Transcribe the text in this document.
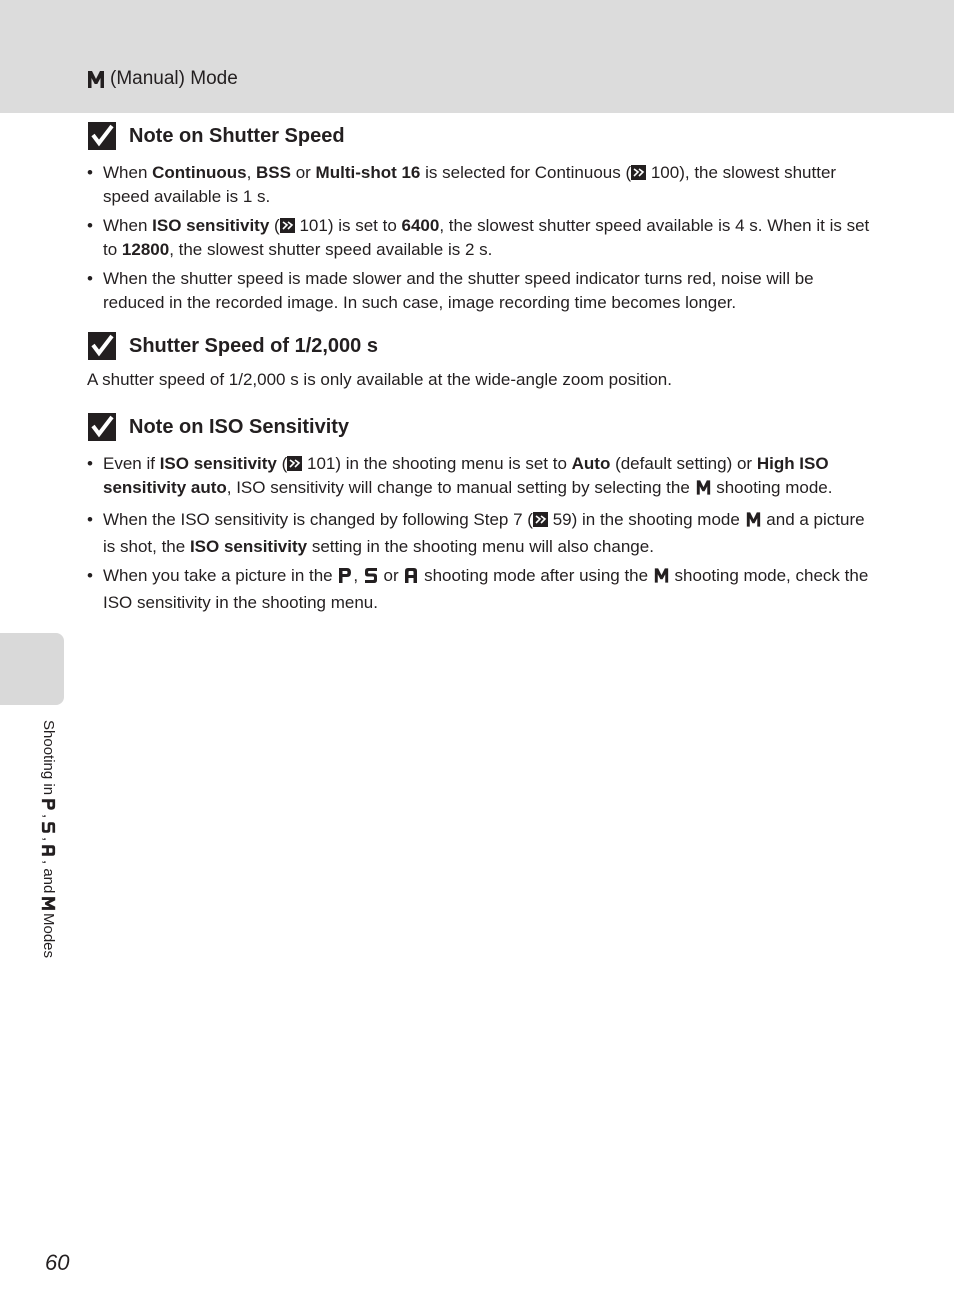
(Manual) Mode
Note on Shutter Speed
• When Continuous, BSS or Multi-shot 16 is selected for Continuous ( 100), the slowest shutter speed available is 1 s.
• When ISO sensitivity ( 101) is set to 6400, the slowest shutter speed available is 4 s. When it is set to 12800, the slowest shutter speed available is 2 s.
• When the shutter speed is made slower and the shutter speed indicator turns red, noise will be reduced in the recorded image. In such case, image recording time becomes longer.
Shutter Speed of 1/2,000 s
A shutter speed of 1/2,000 s is only available at the wide-angle zoom position.
Note on ISO Sensitivity
• Even if ISO sensitivity ( 101) in the shooting menu is set to Auto (default setting) or High ISO sensitivity auto, ISO sensitivity will change to manual setting by selecting the  shooting mode.
• When the ISO sensitivity is changed by following Step 7 ( 59) in the shooting mode  and a picture is shot, the ISO sensitivity setting in the shooting menu will also change.
• When you take a picture in the ,  or  shooting mode after using the  shooting mode, check the ISO sensitivity in the shooting menu.
Shooting in
,
,
, and
Modes
60
